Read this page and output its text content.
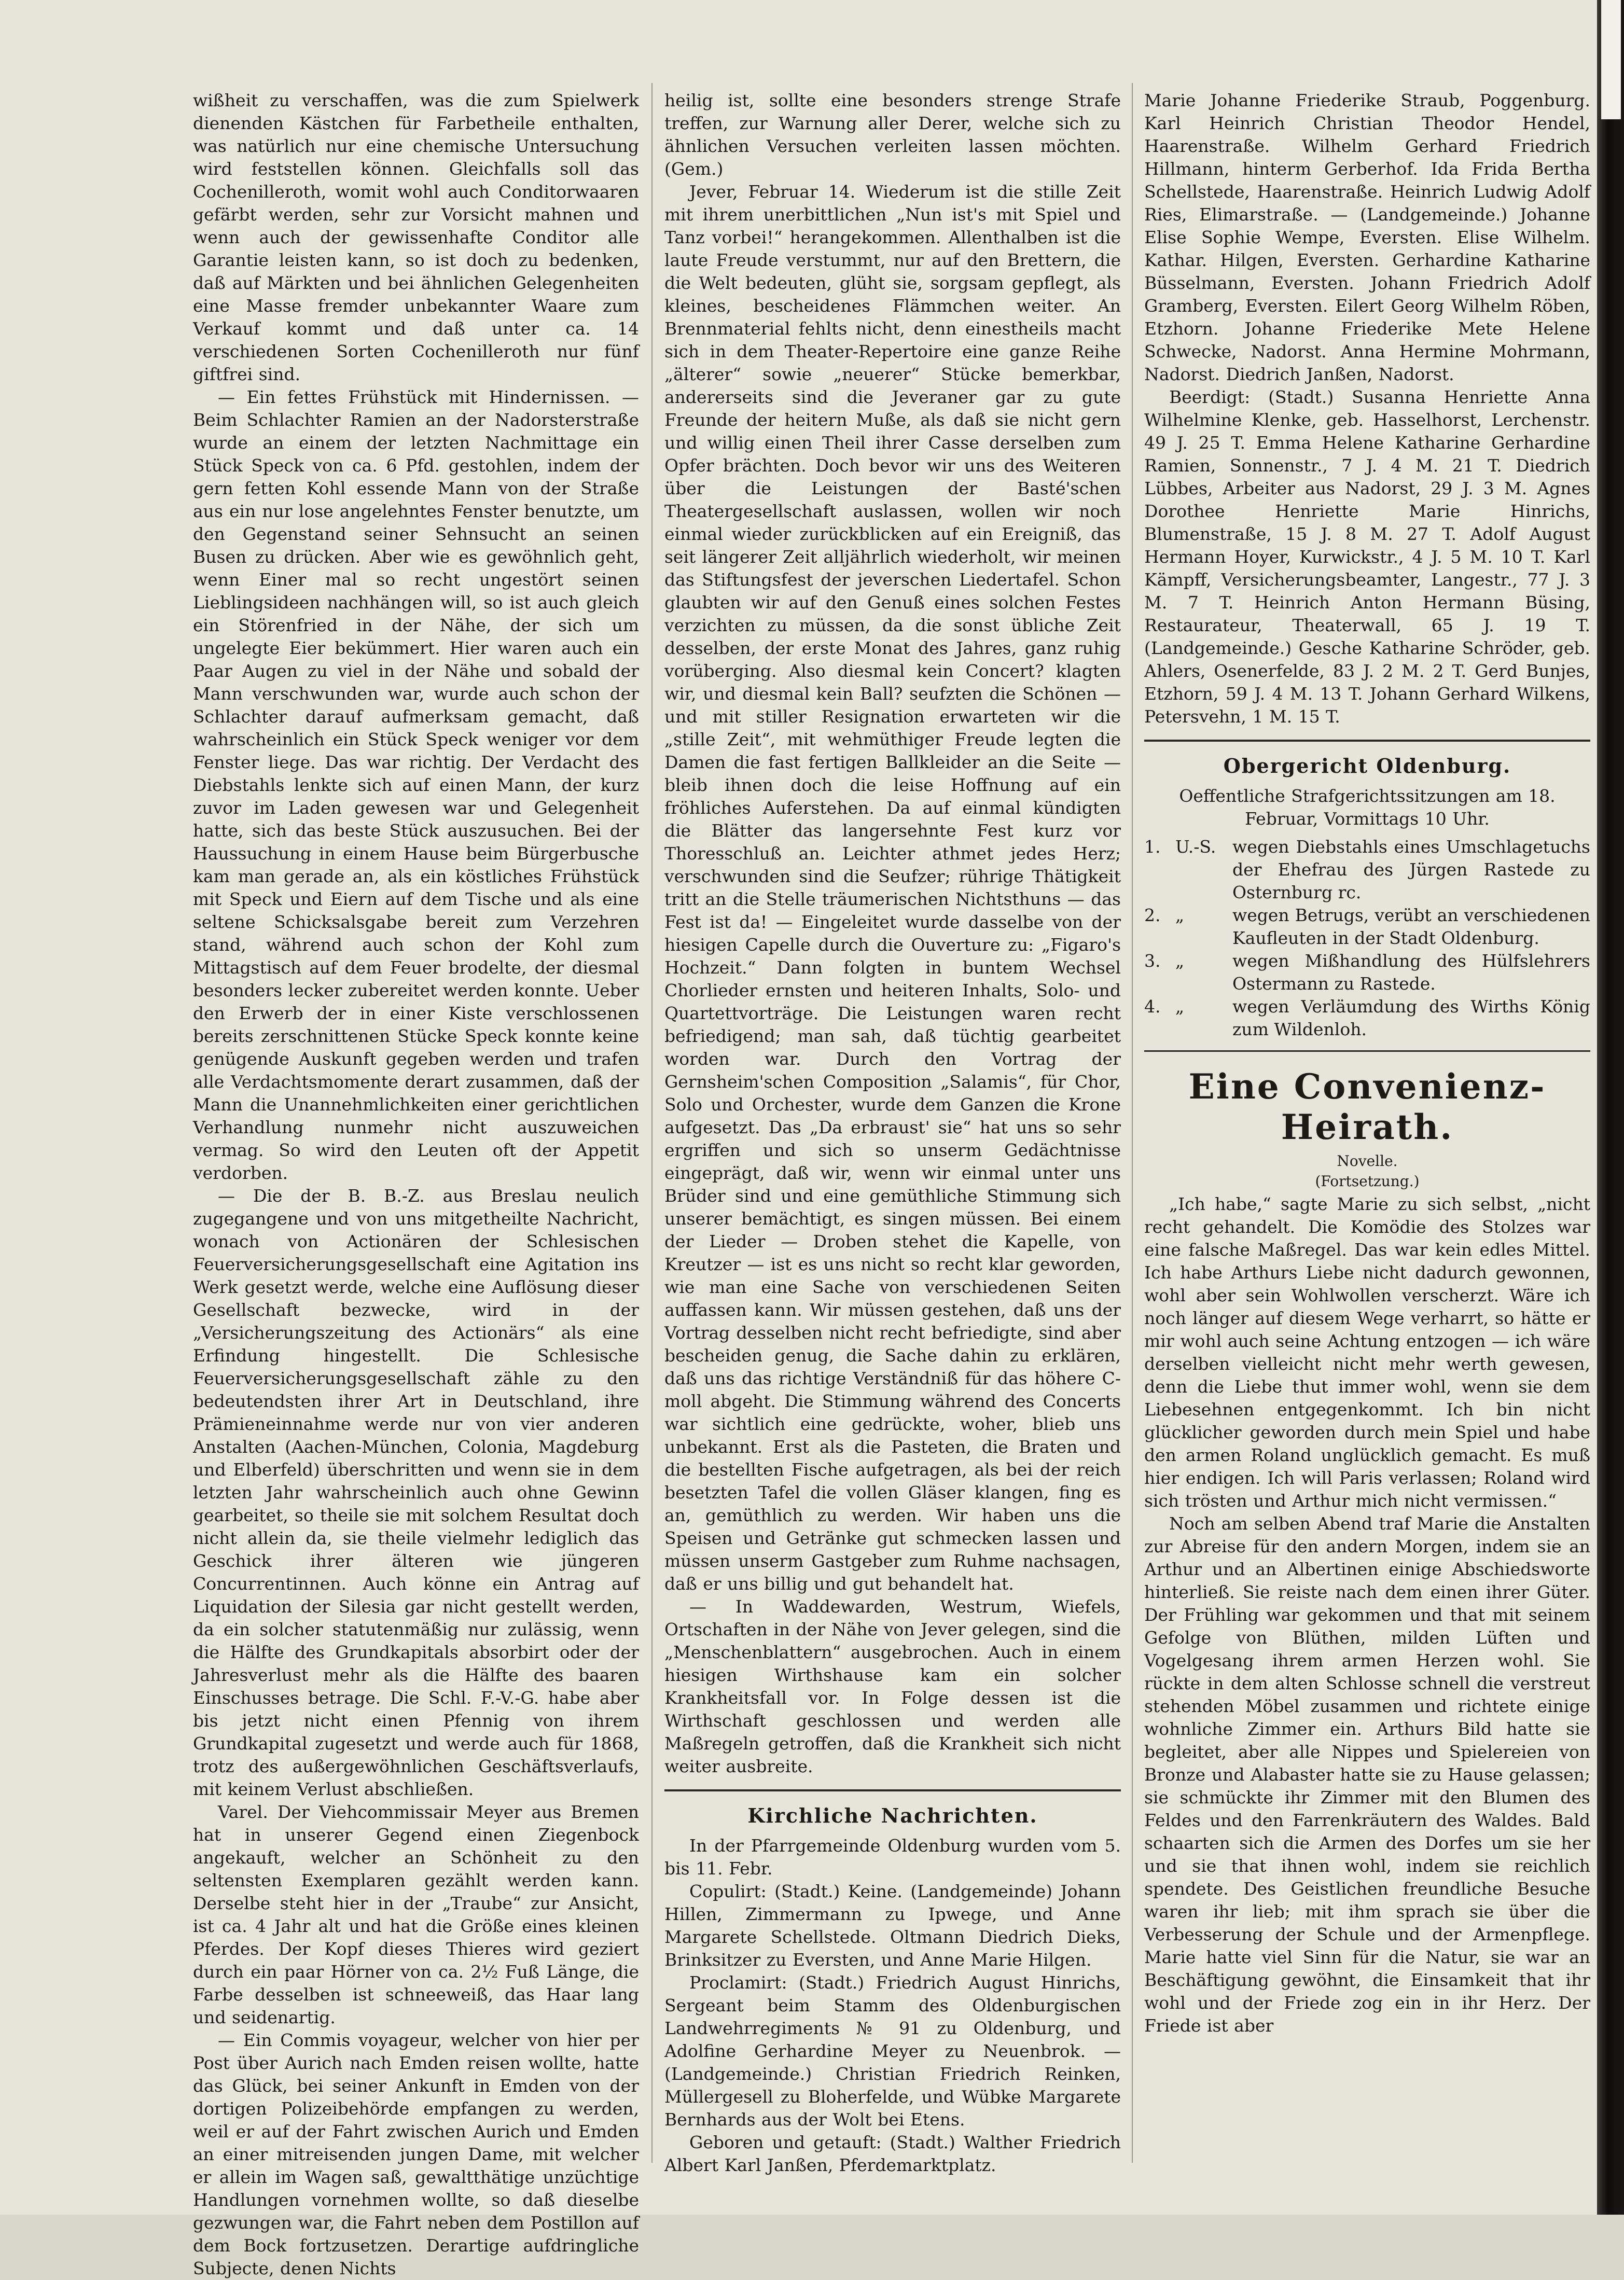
wißheit zu verschaffen, was die zum Spielwerk dienenden Kästchen für Farbetheile enthalten, was natürlich nur eine chemische Untersuchung wird feststellen können. Gleichfalls soll das Cochenilleroth, womit wohl auch Conditorwaaren gefärbt werden, sehr zur Vorsicht mahnen und wenn auch der gewissenhafte Conditor alle Garantie leisten kann, so ist doch zu bedenken, daß auf Märkten und bei ähnlichen Gelegenheiten eine Masse fremder unbekannter Waare zum Verkauf kommt und daß unter ca. 14 verschiedenen Sorten Cochenilleroth nur fünf giftfrei sind.

— Ein fettes Frühstück mit Hindernissen. — Beim Schlachter Ramien an der Nadorsterstraße wurde an einem der letzten Nachmittage ein Stück Speck von ca. 6 Pfd. gestohlen, indem der gern fetten Kohl essende Mann von der Straße aus ein nur lose angelehntes Fenster benutzte, um den Gegenstand seiner Sehnsucht an seinen Busen zu drücken. Aber wie es gewöhnlich geht, wenn Einer mal so recht ungestört seinen Lieblingsideen nachhängen will, so ist auch gleich ein Störenfried in der Nähe, der sich um ungelegte Eier bekümmert. Hier waren auch ein Paar Augen zu viel in der Nähe und sobald der Mann verschwunden war, wurde auch schon der Schlachter darauf aufmerksam gemacht, daß wahrscheinlich ein Stück Speck weniger vor dem Fenster liege. Das war richtig. Der Verdacht des Diebstahls lenkte sich auf einen Mann, der kurz zuvor im Laden gewesen war und Gelegenheit hatte, sich das beste Stück auszusuchen. Bei der Haussuchung in einem Hause beim Bürgerbusche kam man gerade an, als ein köstliches Frühstück mit Speck und Eiern auf dem Tische und als eine seltene Schicksalsgabe bereit zum Verzehren stand, während auch schon der Kohl zum Mittagstisch auf dem Feuer brodelte, der diesmal besonders lecker zubereitet werden konnte. Ueber den Erwerb der in einer Kiste verschlossenen bereits zerschnittenen Stücke Speck konnte keine genügende Auskunft gegeben werden und trafen alle Verdachtsmomente derart zusammen, daß der Mann die Unannehmlichkeiten einer gerichtlichen Verhandlung nunmehr nicht auszuweichen vermag. So wird den Leuten oft der Appetit verdorben.

— Die der B. B.-Z. aus Breslau neulich zugegangene und von uns mitgetheilte Nachricht, wonach von Actionären der Schlesischen Feuerversicherungsgesellschaft eine Agitation ins Werk gesetzt werde, welche eine Auflösung dieser Gesellschaft bezwecke, wird in der „Versicherungszeitung des Actionärs“ als eine Erfindung hingestellt. Die Schlesische Feuerversicherungsgesellschaft zähle zu den bedeutendsten ihrer Art in Deutschland, ihre Prämieneinnahme werde nur von vier anderen Anstalten (Aachen-München, Colonia, Magdeburg und Elberfeld) überschritten und wenn sie in dem letzten Jahr wahrscheinlich auch ohne Gewinn gearbeitet, so theile sie mit solchem Resultat doch nicht allein da, sie theile vielmehr lediglich das Geschick ihrer älteren wie jüngeren Concurrentinnen. Auch könne ein Antrag auf Liquidation der Silesia gar nicht gestellt werden, da ein solcher statutenmäßig nur zulässig, wenn die Hälfte des Grundkapitals absorbirt oder der Jahresverlust mehr als die Hälfte des baaren Einschusses betrage. Die Schl. F.-V.-G. habe aber bis jetzt nicht einen Pfennig von ihrem Grundkapital zugesetzt und werde auch für 1868, trotz des außergewöhnlichen Geschäftsverlaufs, mit keinem Verlust abschließen.

Varel. Der Viehcommissair Meyer aus Bremen hat in unserer Gegend einen Ziegenbock angekauft, welcher an Schönheit zu den seltensten Exemplaren gezählt werden kann. Derselbe steht hier in der „Traube“ zur Ansicht, ist ca. 4 Jahr alt und hat die Größe eines kleinen Pferdes. Der Kopf dieses Thieres wird geziert durch ein paar Hörner von ca. 2½ Fuß Länge, die Farbe desselben ist schneeweiß, das Haar lang und seidenartig.

— Ein Commis voyageur, welcher von hier per Post über Aurich nach Emden reisen wollte, hatte das Glück, bei seiner Ankunft in Emden von der dortigen Polizeibehörde empfangen zu werden, weil er auf der Fahrt zwischen Aurich und Emden an einer mitreisenden jungen Dame, mit welcher er allein im Wagen saß, gewaltthätige unzüchtige Handlungen vornehmen wollte, so daß dieselbe gezwungen war, die Fahrt neben dem Postillon auf dem Bock fortzusetzen. Derartige aufdringliche Subjecte, denen Nichts

heilig ist, sollte eine besonders strenge Strafe treffen, zur Warnung aller Derer, welche sich zu ähnlichen Versuchen verleiten lassen möchten. (Gem.)

Jever, Februar 14. Wiederum ist die stille Zeit mit ihrem unerbittlichen „Nun ist's mit Spiel und Tanz vorbei!“ herangekommen. Allenthalben ist die laute Freude verstummt, nur auf den Brettern, die die Welt bedeuten, glüht sie, sorgsam gepflegt, als kleines, bescheidenes Flämmchen weiter. An Brennmaterial fehlts nicht, denn einestheils macht sich in dem Theater-Repertoire eine ganze Reihe „älterer“ sowie „neuerer“ Stücke bemerkbar, andererseits sind die Jeveraner gar zu gute Freunde der heitern Muße, als daß sie nicht gern und willig einen Theil ihrer Casse derselben zum Opfer brächten. Doch bevor wir uns des Weiteren über die Leistungen der Basté'schen Theatergesellschaft auslassen, wollen wir noch einmal wieder zurückblicken auf ein Ereigniß, das seit längerer Zeit alljährlich wiederholt, wir meinen das Stiftungsfest der jeverschen Liedertafel. Schon glaubten wir auf den Genuß eines solchen Festes verzichten zu müssen, da die sonst übliche Zeit desselben, der erste Monat des Jahres, ganz ruhig vorüberging. Also diesmal kein Concert? klagten wir, und diesmal kein Ball? seufzten die Schönen — und mit stiller Resignation erwarteten wir die „stille Zeit“, mit wehmüthiger Freude legten die Damen die fast fertigen Ballkleider an die Seite — bleib ihnen doch die leise Hoffnung auf ein fröhliches Auferstehen. Da auf einmal kündigten die Blätter das langersehnte Fest kurz vor Thoresschluß an. Leichter athmet jedes Herz; verschwunden sind die Seufzer; rührige Thätigkeit tritt an die Stelle träumerischen Nichtsthuns — das Fest ist da! — Eingeleitet wurde dasselbe von der hiesigen Capelle durch die Ouverture zu: „Figaro's Hochzeit.“ Dann folgten in buntem Wechsel Chorlieder ernsten und heiteren Inhalts, Solo- und Quartettvorträge. Die Leistungen waren recht befriedigend; man sah, daß tüchtig gearbeitet worden war. Durch den Vortrag der Gernsheim'schen Composition „Salamis“, für Chor, Solo und Orchester, wurde dem Ganzen die Krone aufgesetzt. Das „Da erbraust' sie“ hat uns so sehr ergriffen und sich so unserm Gedächtnisse eingeprägt, daß wir, wenn wir einmal unter uns Brüder sind und eine gemüthliche Stimmung sich unserer bemächtigt, es singen müssen. Bei einem der Lieder — Droben stehet die Kapelle, von Kreutzer — ist es uns nicht so recht klar geworden, wie man eine Sache von verschiedenen Seiten auffassen kann. Wir müssen gestehen, daß uns der Vortrag desselben nicht recht befriedigte, sind aber bescheiden genug, die Sache dahin zu erklären, daß uns das richtige Verständniß für das höhere C-moll abgeht. Die Stimmung während des Concerts war sichtlich eine gedrückte, woher, blieb uns unbekannt. Erst als die Pasteten, die Braten und die bestellten Fische aufgetragen, als bei der reich besetzten Tafel die vollen Gläser klangen, fing es an, gemüthlich zu werden. Wir haben uns die Speisen und Getränke gut schmecken lassen und müssen unserm Gastgeber zum Ruhme nachsagen, daß er uns billig und gut behandelt hat.

— In Waddewarden, Westrum, Wiefels, Ortschaften in der Nähe von Jever gelegen, sind die „Menschenblattern“ ausgebrochen. Auch in einem hiesigen Wirthshause kam ein solcher Krankheitsfall vor. In Folge dessen ist die Wirthschaft geschlossen und werden alle Maßregeln getroffen, daß die Krankheit sich nicht weiter ausbreite.

Kirchliche Nachrichten.

In der Pfarrgemeinde Oldenburg wurden vom 5. bis 11. Febr.

Copulirt: (Stadt.) Keine. (Landgemeinde) Johann Hillen, Zimmermann zu Ipwege, und Anne Margarete Schellstede. Oltmann Diedrich Dieks, Brinksitzer zu Eversten, und Anne Marie Hilgen.

Proclamirt: (Stadt.) Friedrich August Hinrichs, Sergeant beim Stamm des Oldenburgischen Landwehrregiments № 91 zu Oldenburg, und Adolfine Gerhardine Meyer zu Neuenbrok. — (Landgemeinde.) Christian Friedrich Reinken, Müllergesell zu Bloherfelde, und Wübke Margarete Bernhards aus der Wolt bei Etens.

Geboren und getauft: (Stadt.) Walther Friedrich Albert Karl Janßen, Pferdemarktplatz.

Marie Johanne Friederike Straub, Poggenburg. Karl Heinrich Christian Theodor Hendel, Haarenstraße. Wilhelm Gerhard Friedrich Hillmann, hinterm Gerberhof. Ida Frida Bertha Schellstede, Haarenstraße. Heinrich Ludwig Adolf Ries, Elimarstraße. — (Landgemeinde.) Johanne Elise Sophie Wempe, Eversten. Elise Wilhelm. Kathar. Hilgen, Eversten. Gerhardine Katharine Büsselmann, Eversten. Johann Friedrich Adolf Gramberg, Eversten. Eilert Georg Wilhelm Röben, Etzhorn. Johanne Friederike Mete Helene Schwecke, Nadorst. Anna Hermine Mohrmann, Nadorst. Diedrich Janßen, Nadorst.

Beerdigt: (Stadt.) Susanna Henriette Anna Wilhelmine Klenke, geb. Hasselhorst, Lerchenstr. 49 J. 25 T. Emma Helene Katharine Gerhardine Ramien, Sonnenstr., 7 J. 4 M. 21 T. Diedrich Lübbes, Arbeiter aus Nadorst, 29 J. 3 M. Agnes Dorothee Henriette Marie Hinrichs, Blumenstraße, 15 J. 8 M. 27 T. Adolf August Hermann Hoyer, Kurwickstr., 4 J. 5 M. 10 T. Karl Kämpff, Versicherungsbeamter, Langestr., 77 J. 3 M. 7 T. Heinrich Anton Hermann Büsing, Restaurateur, Theaterwall, 65 J. 19 T. (Landgemeinde.) Gesche Katharine Schröder, geb. Ahlers, Osenerfelde, 83 J. 2 M. 2 T. Gerd Bunjes, Etzhorn, 59 J. 4 M. 13 T. Johann Gerhard Wilkens, Petersvehn, 1 M. 15 T.

Obergericht Oldenburg.

Oeffentliche Strafgerichtssitzungen am 18. Februar, Vormittags 10 Uhr.

1. U.-S. wegen Diebstahls eines Umschlagetuchs der Ehefrau des Jürgen Rastede zu Osternburg rc.
2. „	wegen Betrugs, verübt an verschiedenen Kaufleuten in der Stadt Oldenburg.
3. „	wegen Mißhandlung des Hülfslehrers Ostermann zu Rastede.
4. „	wegen Verläumdung des Wirths König zum Wildenloh.
Eine Convenienz-Heirath.
Novelle.
(Fortsetzung.)

„Ich habe,“ sagte Marie zu sich selbst, „nicht recht gehandelt. Die Komödie des Stolzes war eine falsche Maßregel. Das war kein edles Mittel. Ich habe Arthurs Liebe nicht dadurch gewonnen, wohl aber sein Wohlwollen verscherzt. Wäre ich noch länger auf diesem Wege verharrt, so hätte er mir wohl auch seine Achtung entzogen — ich wäre derselben vielleicht nicht mehr werth gewesen, denn die Liebe thut immer wohl, wenn sie dem Liebesehnen entgegenkommt. Ich bin nicht glücklicher geworden durch mein Spiel und habe den armen Roland unglücklich gemacht. Es muß hier endigen. Ich will Paris verlassen; Roland wird sich trösten und Arthur mich nicht vermissen.“

Noch am selben Abend traf Marie die Anstalten zur Abreise für den andern Morgen, indem sie an Arthur und an Albertinen einige Abschiedsworte hinterließ. Sie reiste nach dem einen ihrer Güter. Der Frühling war gekommen und that mit seinem Gefolge von Blüthen, milden Lüften und Vogelgesang ihrem armen Herzen wohl. Sie rückte in dem alten Schlosse schnell die verstreut stehenden Möbel zusammen und richtete einige wohnliche Zimmer ein. Arthurs Bild hatte sie begleitet, aber alle Nippes und Spielereien von Bronze und Alabaster hatte sie zu Hause gelassen; sie schmückte ihr Zimmer mit den Blumen des Feldes und den Farrenkräutern des Waldes. Bald schaarten sich die Armen des Dorfes um sie her und sie that ihnen wohl, indem sie reichlich spendete. Des Geistlichen freundliche Besuche waren ihr lieb; mit ihm sprach sie über die Verbesserung der Schule und der Armenpflege. Marie hatte viel Sinn für die Natur, sie war an Beschäftigung gewöhnt, die Einsamkeit that ihr wohl und der Friede zog ein in ihr Herz. Der Friede ist aber
